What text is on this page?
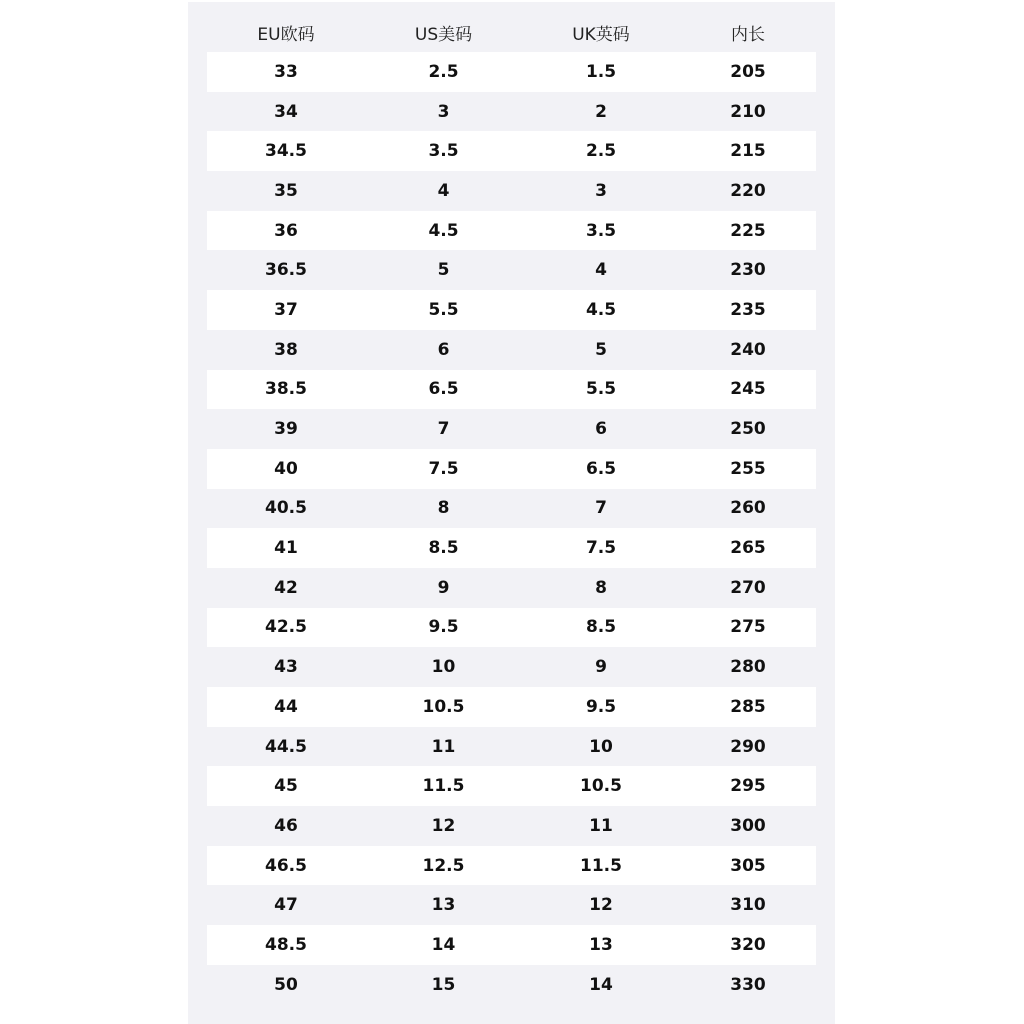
EU欧码	US美码	UK英码	内长
33	2.5	1.5	205
34	3	2	210
34.5	3.5	2.5	215
35	4	3	220
36	4.5	3.5	225
36.5	5	4	230
37	5.5	4.5	235
38	6	5	240
38.5	6.5	5.5	245
39	7	6	250
40	7.5	6.5	255
40.5	8	7	260
41	8.5	7.5	265
42	9	8	270
42.5	9.5	8.5	275
43	10	9	280
44	10.5	9.5	285
44.5	11	10	290
45	11.5	10.5	295
46	12	11	300
46.5	12.5	11.5	305
47	13	12	310
48.5	14	13	320
50	15	14	330
